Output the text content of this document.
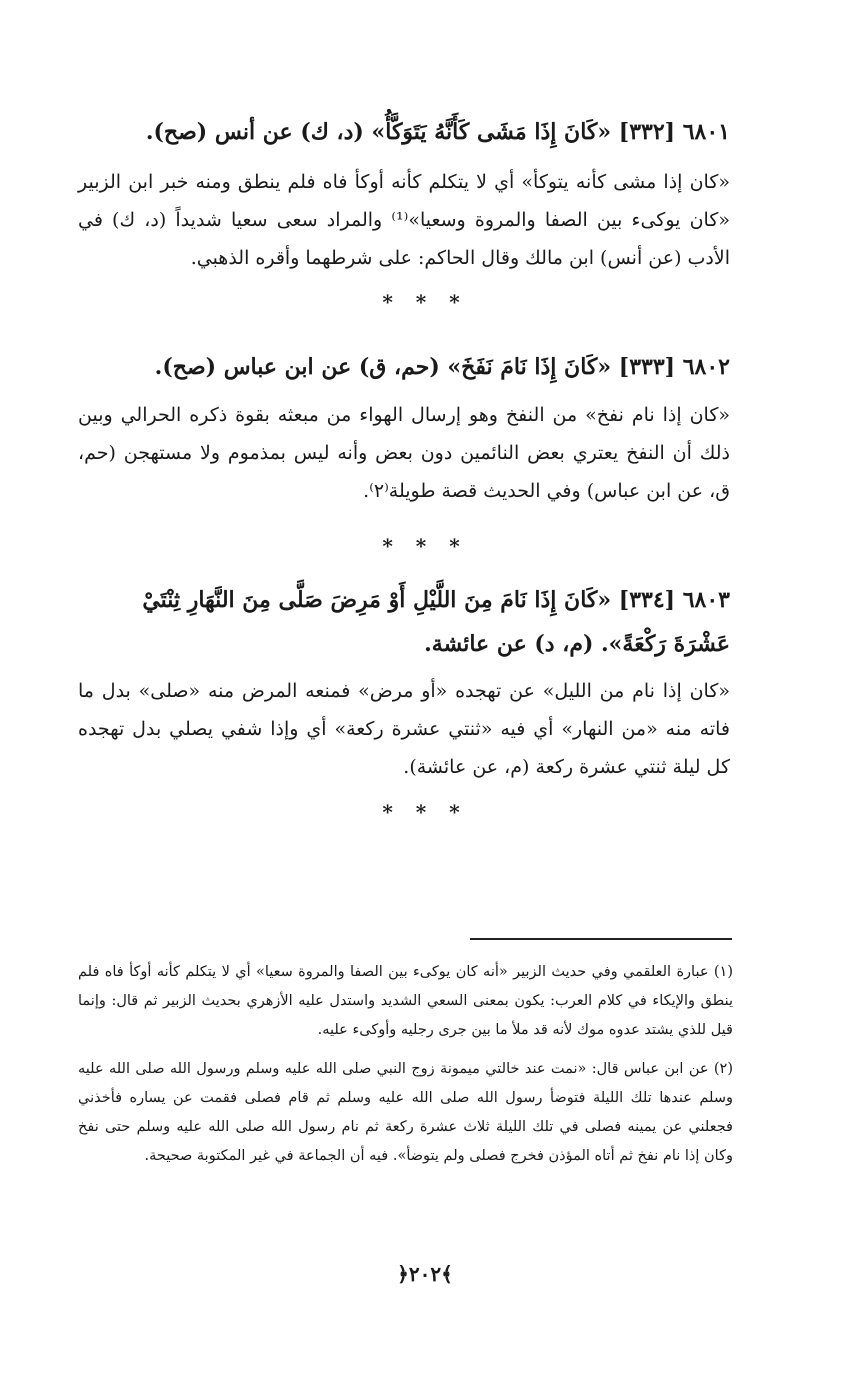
٦٨٠١ [٣٣٢] «كَانَ إِذَا مَشَى كَأَنَّهُ يَتَوَكَّأُ» (د، ك) عن أنس (صح).
«كان إذا مشى كأنه يتوكأ» أي لا يتكلم كأنه أوكأ فاه فلم ينطق ومنه خبر ابن الزبير «كان يوكىء بين الصفا والمروة وسعيا»⁽¹⁾ والمراد سعى سعيا شديداً (د، ك) في الأدب (عن أنس) ابن مالك وقال الحاكم: على شرطهما وأقره الذهبي.
* * *
٦٨٠٢ [٣٣٣] «كَانَ إِذَا نَامَ نَفَخَ» (حم، ق) عن ابن عباس (صح).
«كان إذا نام نفخ» من النفخ وهو إرسال الهواء من مبعثه بقوة ذكره الحرالي وبين ذلك أن النفخ يعتري بعض النائمين دون بعض وأنه ليس بمذموم ولا مستهجن (حم، ق، عن ابن عباس) وفي الحديث قصة طويلة⁽٢⁾.
* * *
٦٨٠٣ [٣٣٤] «كَانَ إِذَا نَامَ مِنَ اللَّيْلِ أَوْ مَرِضَ صَلَّى مِنَ النَّهَارِ ثِنْتَيْ عَشْرَةَ رَكْعَةً». (م، د) عن عائشة.
«كان إذا نام من الليل» عن تهجده «أو مرض» فمنعه المرض منه «صلى» بدل ما فاته منه «من النهار» أي فيه «ثنتي عشرة ركعة» أي وإذا شفي يصلي بدل تهجده كل ليلة ثنتي عشرة ركعة (م، عن عائشة).
* * *
(١) عبارة العلقمي وفي حديث الزبير «أنه كان يوكىء بين الصفا والمروة سعيا» أي لا يتكلم كأنه أوكأ فاه فلم ينطق والإيكاء في كلام العرب: يكون بمعنى السعي الشديد واستدل عليه الأزهري بحديث الزبير ثم قال: وإنما قيل للذي يشتد عدوه موك لأنه قد ملأ ما بين جرى رجليه وأوكىء عليه.
(٢) عن ابن عباس قال: «نمت عند خالتي ميمونة زوج النبي صلى الله عليه وسلم ورسول الله صلى الله عليه وسلم عندها تلك الليلة فتوضأ رسول الله صلى الله عليه وسلم ثم قام فصلى فقمت عن يساره فأخذني فجعلني عن يمينه فصلى في تلك الليلة ثلاث عشرة ركعة ثم نام رسول الله صلى الله عليه وسلم حتى نفخ وكان إذا نام نفخ ثم أتاه المؤذن فخرج فصلى ولم يتوضأ». فيه أن الجماعة في غير المكتوبة صحيحة.
﴿٢٠٢﴾
